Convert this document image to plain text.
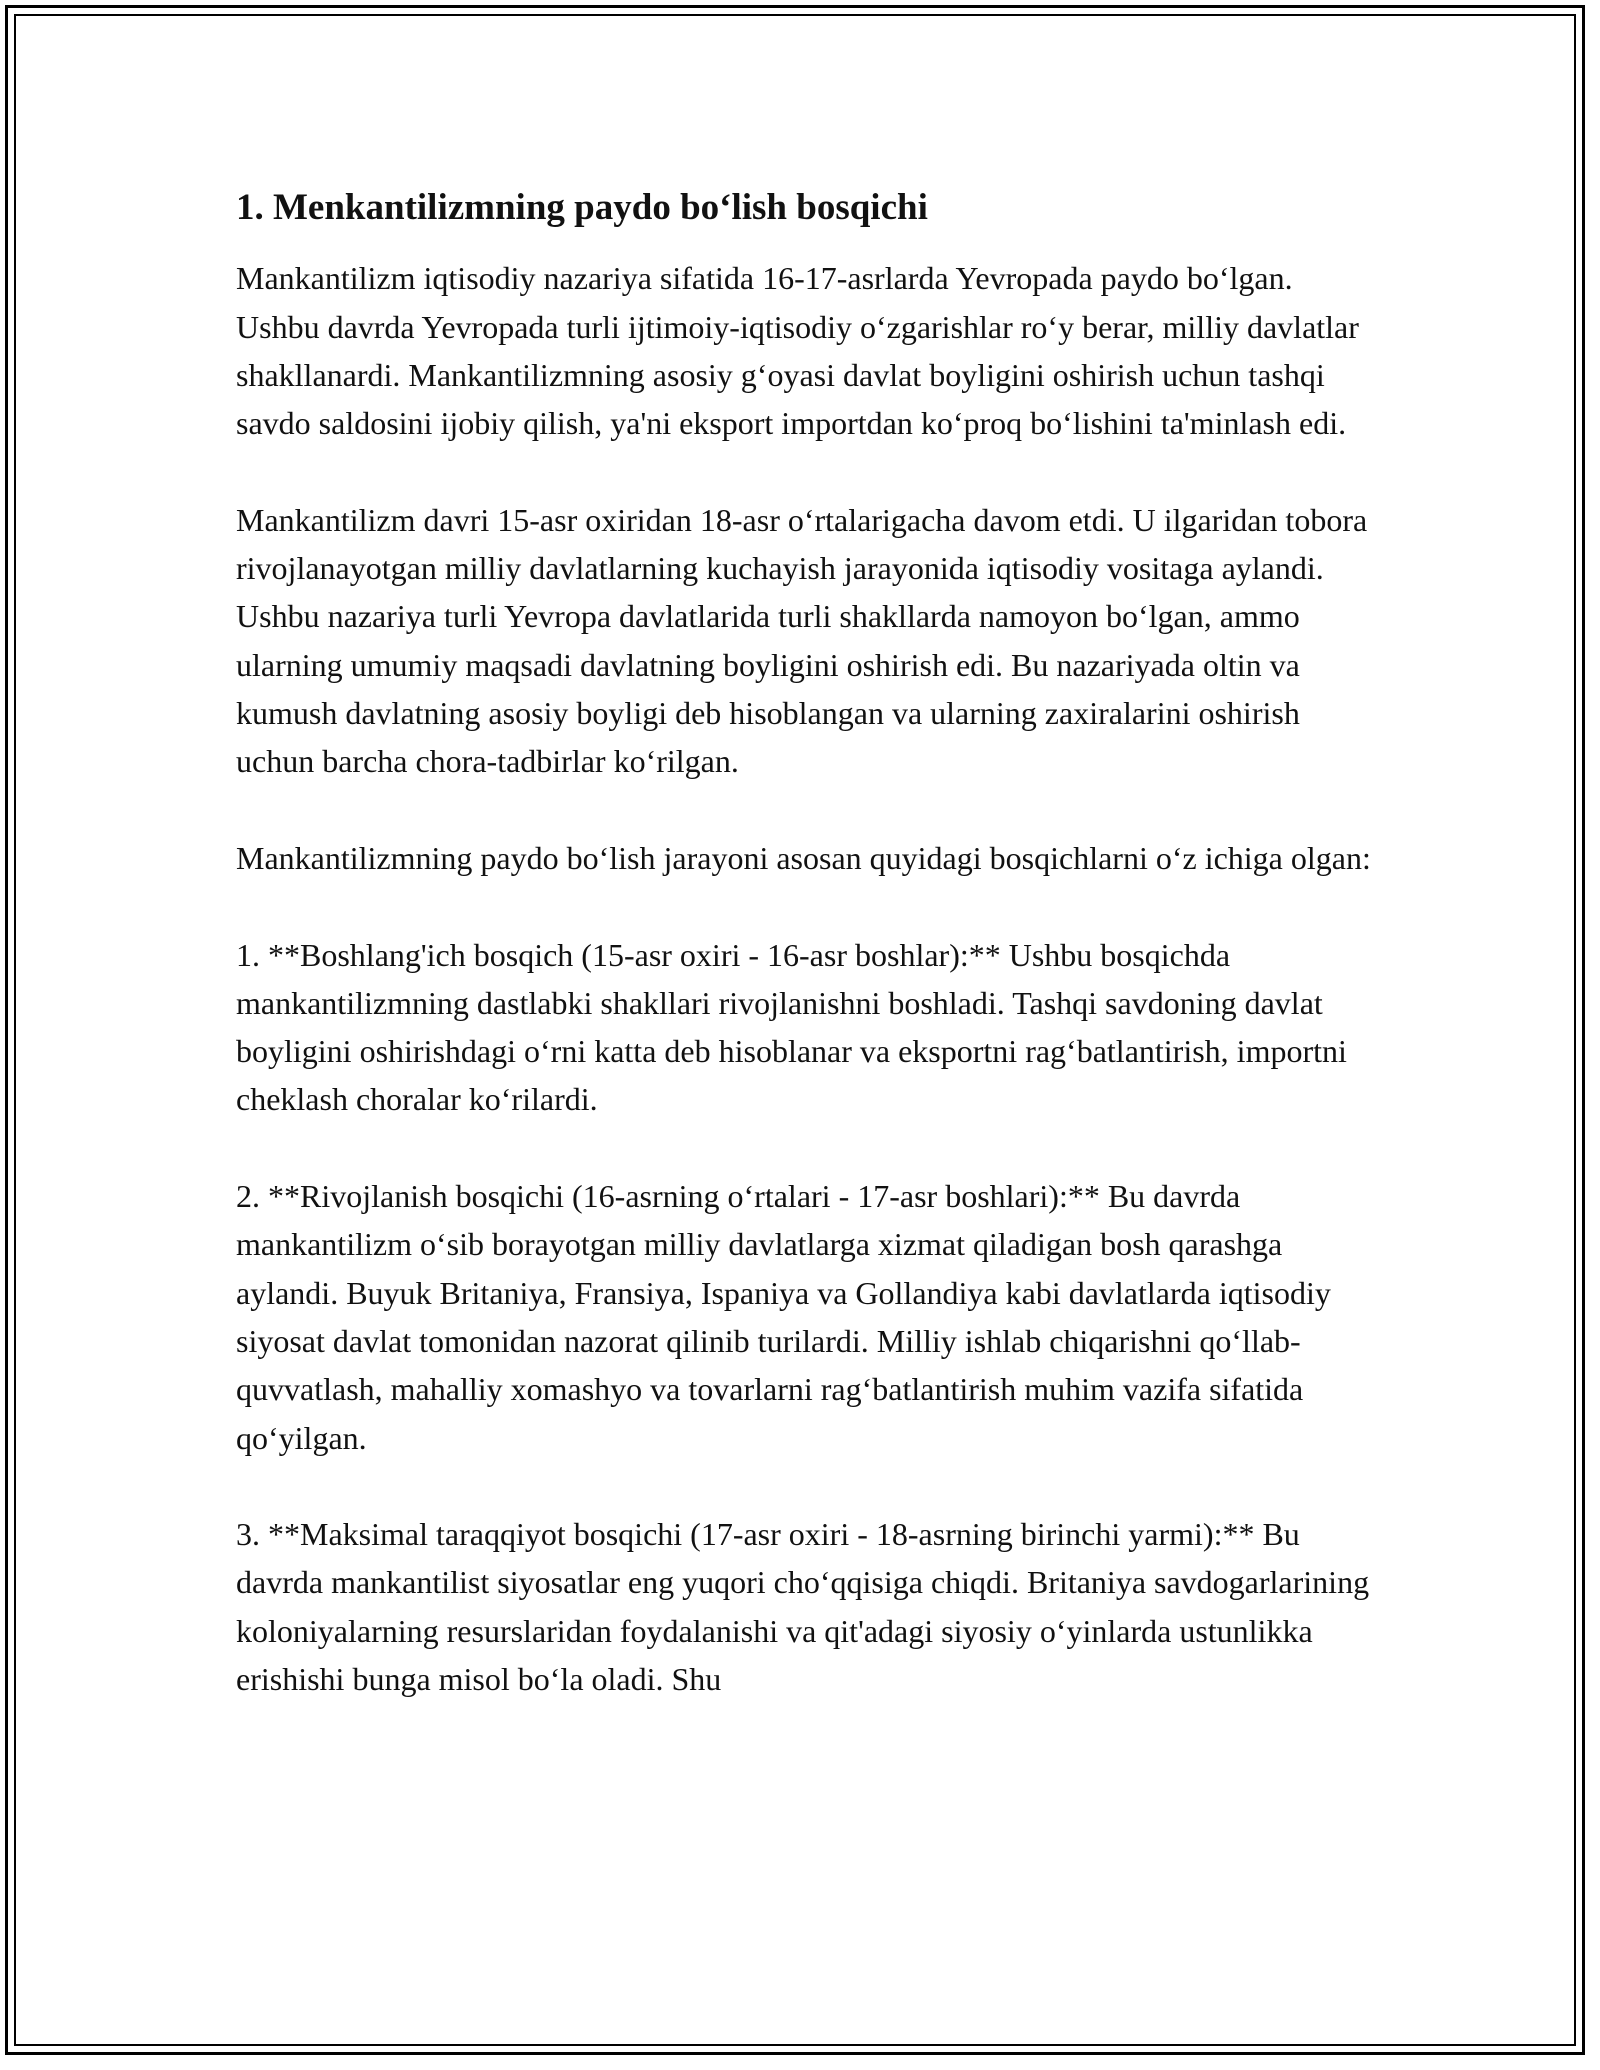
1. Menkantilizmning paydo bo‘lish bosqichi

Mankantilizm iqtisodiy nazariya sifatida 16-17-asrlarda Yevropada paydo bo‘lgan. Ushbu davrda Yevropada turli ijtimoiy-iqtisodiy o‘zgarishlar ro‘y berar, milliy davlatlar shakllanardi. Mankantilizmning asosiy g‘oyasi davlat boyligini oshirish uchun tashqi savdo saldosini ijobiy qilish, ya'ni eksport importdan ko‘proq bo‘lishini ta'minlash edi.

Mankantilizm davri 15-asr oxiridan 18-asr o‘rtalarigacha davom etdi. U ilgaridan tobora rivojlanayotgan milliy davlatlarning kuchayish jarayonida iqtisodiy vositaga aylandi. Ushbu nazariya turli Yevropa davlatlarida turli shakllarda namoyon bo‘lgan, ammo ularning umumiy maqsadi davlatning boyligini oshirish edi. Bu nazariyada oltin va kumush davlatning asosiy boyligi deb hisoblangan va ularning zaxiralarini oshirish uchun barcha chora-tadbirlar ko‘rilgan.

Mankantilizmning paydo bo‘lish jarayoni asosan quyidagi bosqichlarni o‘z ichiga olgan:

1. **Boshlang'ich bosqich (15-asr oxiri - 16-asr boshlar):** Ushbu bosqichda mankantilizmning dastlabki shakllari rivojlanishni boshladi. Tashqi savdoning davlat boyligini oshirishdagi o‘rni katta deb hisoblanar va eksportni rag‘batlantirish, importni cheklash choralar ko‘rilardi.

2. **Rivojlanish bosqichi (16-asrning o‘rtalari - 17-asr boshlari):** Bu davrda mankantilizm o‘sib borayotgan milliy davlatlarga xizmat qiladigan bosh qarashga aylandi. Buyuk Britaniya, Fransiya, Ispaniya va Gollandiya kabi davlatlarda iqtisodiy siyosat davlat tomonidan nazorat qilinib turilardi. Milliy ishlab chiqarishni qo‘llab-quvvatlash, mahalliy xomashyo va tovarlarni rag‘batlantirish muhim vazifa sifatida qo‘yilgan.

3. **Maksimal taraqqiyot bosqichi (17-asr oxiri - 18-asrning birinchi yarmi):** Bu davrda mankantilist siyosatlar eng yuqori cho‘qqisiga chiqdi. Britaniya savdogarlarining koloniyalarning resurslaridan foydalanishi va qit'adagi siyosiy o‘yinlarda ustunlikka erishishi bunga misol bo‘la oladi. Shu
